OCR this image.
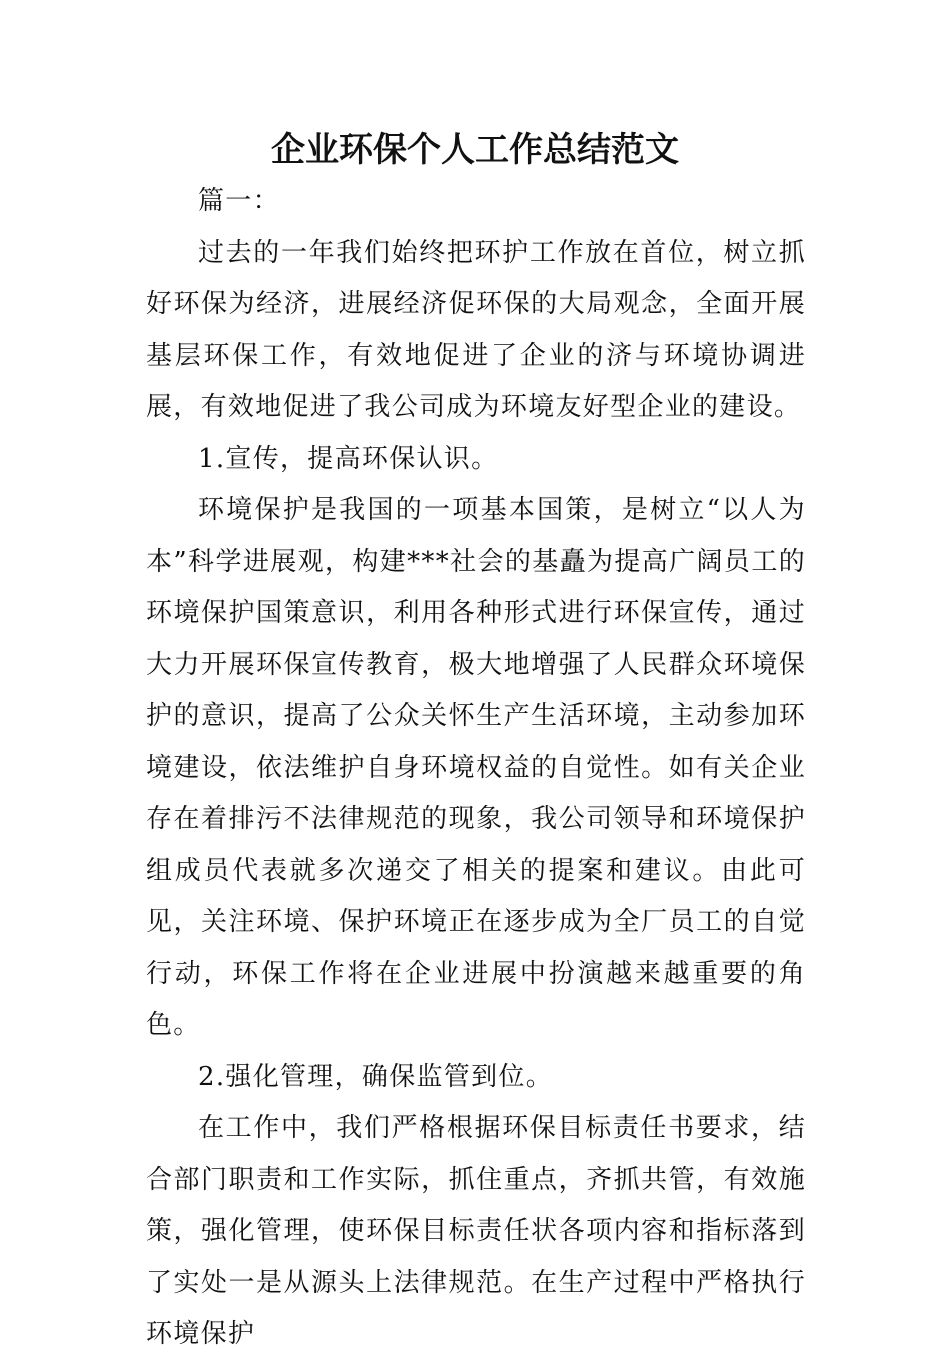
企业环保个人工作总结范文

篇一：

过去的一年我们始终把环护工作放在首位，树立抓好环保为经济，进展经济促环保的大局观念，全面开展基层环保工作，有效地促进了企业的济与环境协调进展，有效地促进了我公司成为环境友好型企业的建设。

1.宣传，提高环保认识。

环境保护是我国的一项基本国策，是树立“以人为本”科学进展观，构建***社会的基矗为提高广阔员工的环境保护国策意识，利用各种形式进行环保宣传，通过大力开展环保宣传教育，极大地增强了人民群众环境保护的意识，提高了公众关怀生产生活环境，主动参加环境建设，依法维护自身环境权益的自觉性。如有关企业存在着排污不法律规范的现象，我公司领导和环境保护组成员代表就多次递交了相关的提案和建议。由此可见，关注环境、保护环境正在逐步成为全厂员工的自觉行动，环保工作将在企业进展中扮演越来越重要的角色。

2.强化管理，确保监管到位。

在工作中，我们严格根据环保目标责任书要求，结合部门职责和工作实际，抓住重点，齐抓共管，有效施策，强化管理，使环保目标责任状各项内容和指标落到了实处一是从源头上法律规范。在生产过程中严格执行环境保护
